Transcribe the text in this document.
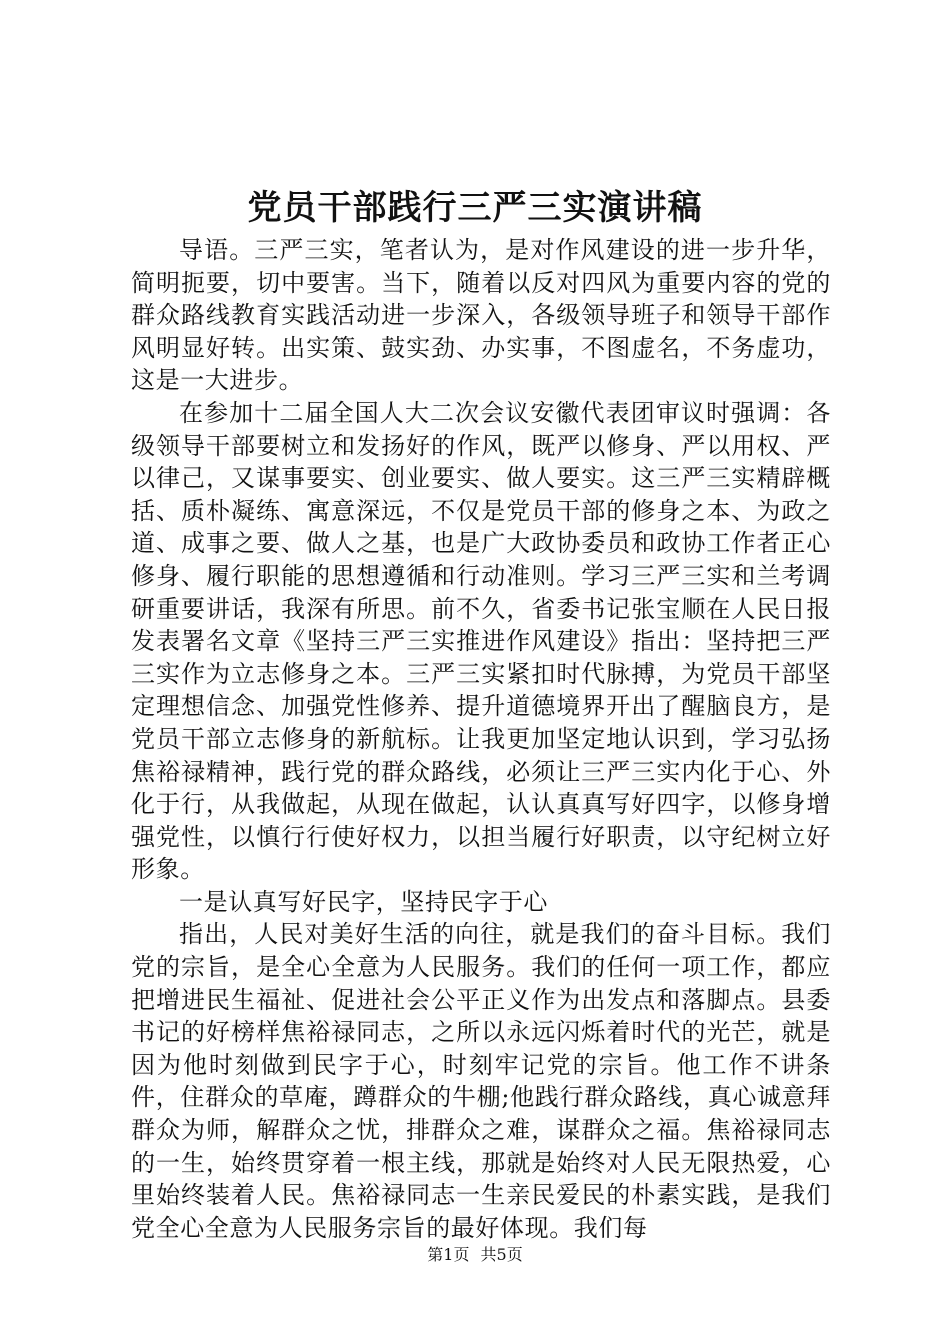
党员干部践行三严三实演讲稿

导语。三严三实，笔者认为，是对作风建设的进一步升华，简明扼要，切中要害。当下，随着以反对四风为重要内容的党的群众路线教育实践活动进一步深入，各级领导班子和领导干部作风明显好转。出实策、鼓实劲、办实事，不图虚名，不务虚功，这是一大进步。

在参加十二届全国人大二次会议安徽代表团审议时强调：各级领导干部要树立和发扬好的作风，既严以修身、严以用权、严以律己，又谋事要实、创业要实、做人要实。这三严三实精辟概括、质朴凝练、寓意深远，不仅是党员干部的修身之本、为政之道、成事之要、做人之基，也是广大政协委员和政协工作者正心修身、履行职能的思想遵循和行动准则。学习三严三实和兰考调研重要讲话，我深有所思。前不久，省委书记张宝顺在人民日报发表署名文章《坚持三严三实推进作风建设》指出：坚持把三严三实作为立志修身之本。三严三实紧扣时代脉搏，为党员干部坚定理想信念、加强党性修养、提升道德境界开出了醒脑良方，是党员干部立志修身的新航标。让我更加坚定地认识到，学习弘扬焦裕禄精神，践行党的群众路线，必须让三严三实内化于心、外化于行，从我做起，从现在做起，认认真真写好四字，以修身增强党性，以慎行行使好权力，以担当履行好职责，以守纪树立好形象。

一是认真写好民字，坚持民字于心

指出，人民对美好生活的向往，就是我们的奋斗目标。我们党的宗旨，是全心全意为人民服务。我们的任何一项工作，都应把增进民生福祉、促进社会公平正义作为出发点和落脚点。县委书记的好榜样焦裕禄同志，之所以永远闪烁着时代的光芒，就是因为他时刻做到民字于心，时刻牢记党的宗旨。他工作不讲条件，住群众的草庵，蹲群众的牛棚;他践行群众路线，真心诚意拜群众为师，解群众之忧，排群众之难，谋群众之福。焦裕禄同志的一生，始终贯穿着一根主线，那就是始终对人民无限热爱，心里始终装着人民。焦裕禄同志一生亲民爱民的朴素实践，是我们党全心全意为人民服务宗旨的最好体现。我们每

第1页 共5页
